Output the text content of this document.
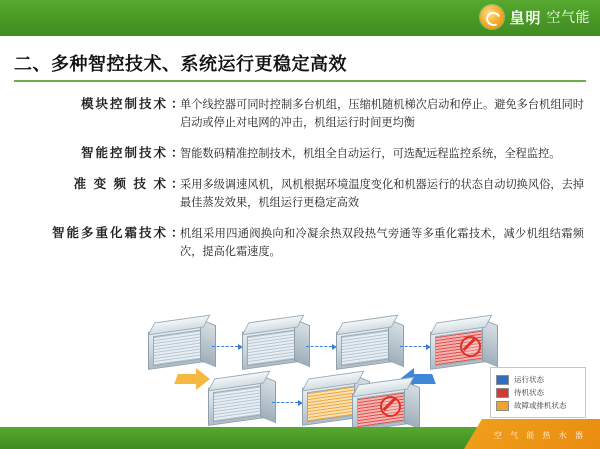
皇明 空气能
二、多种智控技术、系统运行更稳定高效
模块控制技术 ：
单个线控器可同时控制多台机组，压缩机随机梯次启动和停止。避免多台机组同时启动或停止对电网的冲击，机组运行时间更均衡
智能控制技术 ：
智能数码精准控制技术，机组全自动运行，可选配远程监控系统，全程监控。
准 变 频 技 术 ：
采用多级调速风机，风机根据环境温度变化和机器运行的状态自动切换风俗，去掉最佳蒸发效果，机组运行更稳定高效
智能多重化霜技术 ：
机组采用四通阀换向和冷凝余热双段热气旁通等多重化霜技术，减少机组结霜频次，提高化霜速度。
运行状态
待机状态
故障或排机状态
空 气 能 热 水 器
